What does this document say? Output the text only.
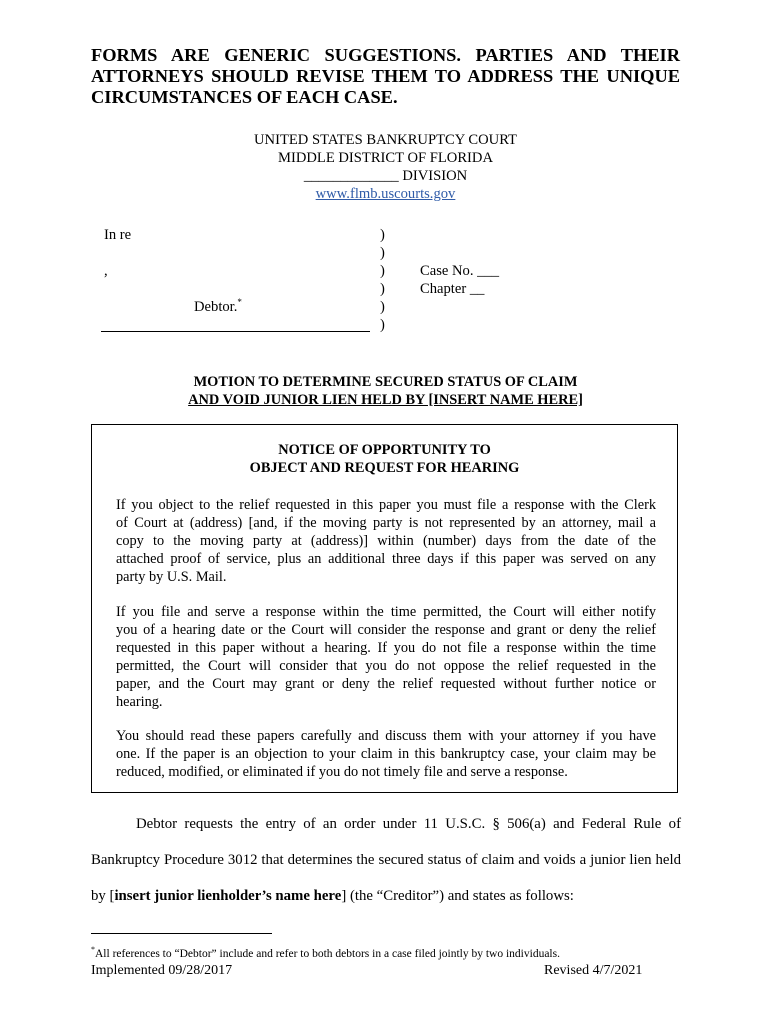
FORMS ARE GENERIC SUGGESTIONS. PARTIES AND THEIR
ATTORNEYS SHOULD REVISE THEM TO ADDRESS THE UNIQUE
CIRCUMSTANCES OF EACH CASE.
UNITED STATES BANKRUPTCY COURT
MIDDLE DISTRICT OF FLORIDA
_____________ DIVISION
www.flmb.uscourts.gov
In re
,
Debtor.*
)
)
)
)
)
)
Case No. ___
Chapter __
MOTION TO DETERMINE SECURED STATUS OF CLAIM
AND VOID JUNIOR LIEN HELD BY [INSERT NAME HERE]
NOTICE OF OPPORTUNITY TO
OBJECT AND REQUEST FOR HEARING
If you object to the relief requested in this paper you must file a response with the Clerk
of Court at (address) [and, if the moving party is not represented by an attorney, mail a
copy to the moving party at (address)] within (number) days from the date of the
attached proof of service, plus an additional three days if this paper was served on any
party by U.S. Mail.
If you file and serve a response within the time permitted, the Court will either notify
you of a hearing date or the Court will consider the response and grant or deny the relief
requested in this paper without a hearing. If you do not file a response within the time
permitted, the Court will consider that you do not oppose the relief requested in the
paper, and the Court may grant or deny the relief requested without further notice or
hearing.
You should read these papers carefully and discuss them with your attorney if you have
one. If the paper is an objection to your claim in this bankruptcy case, your claim may be
reduced, modified, or eliminated if you do not timely file and serve a response.
Debtor requests the entry of an order under 11 U.S.C. § 506(a) and Federal Rule of
Bankruptcy Procedure 3012 that determines the secured status of claim and voids a junior lien held
by [insert junior lienholder’s name here] (the “Creditor”) and states as follows:
*All references to “Debtor” include and refer to both debtors in a case filed jointly by two individuals.
Implemented 09/28/2017	Revised 4/7/2021
